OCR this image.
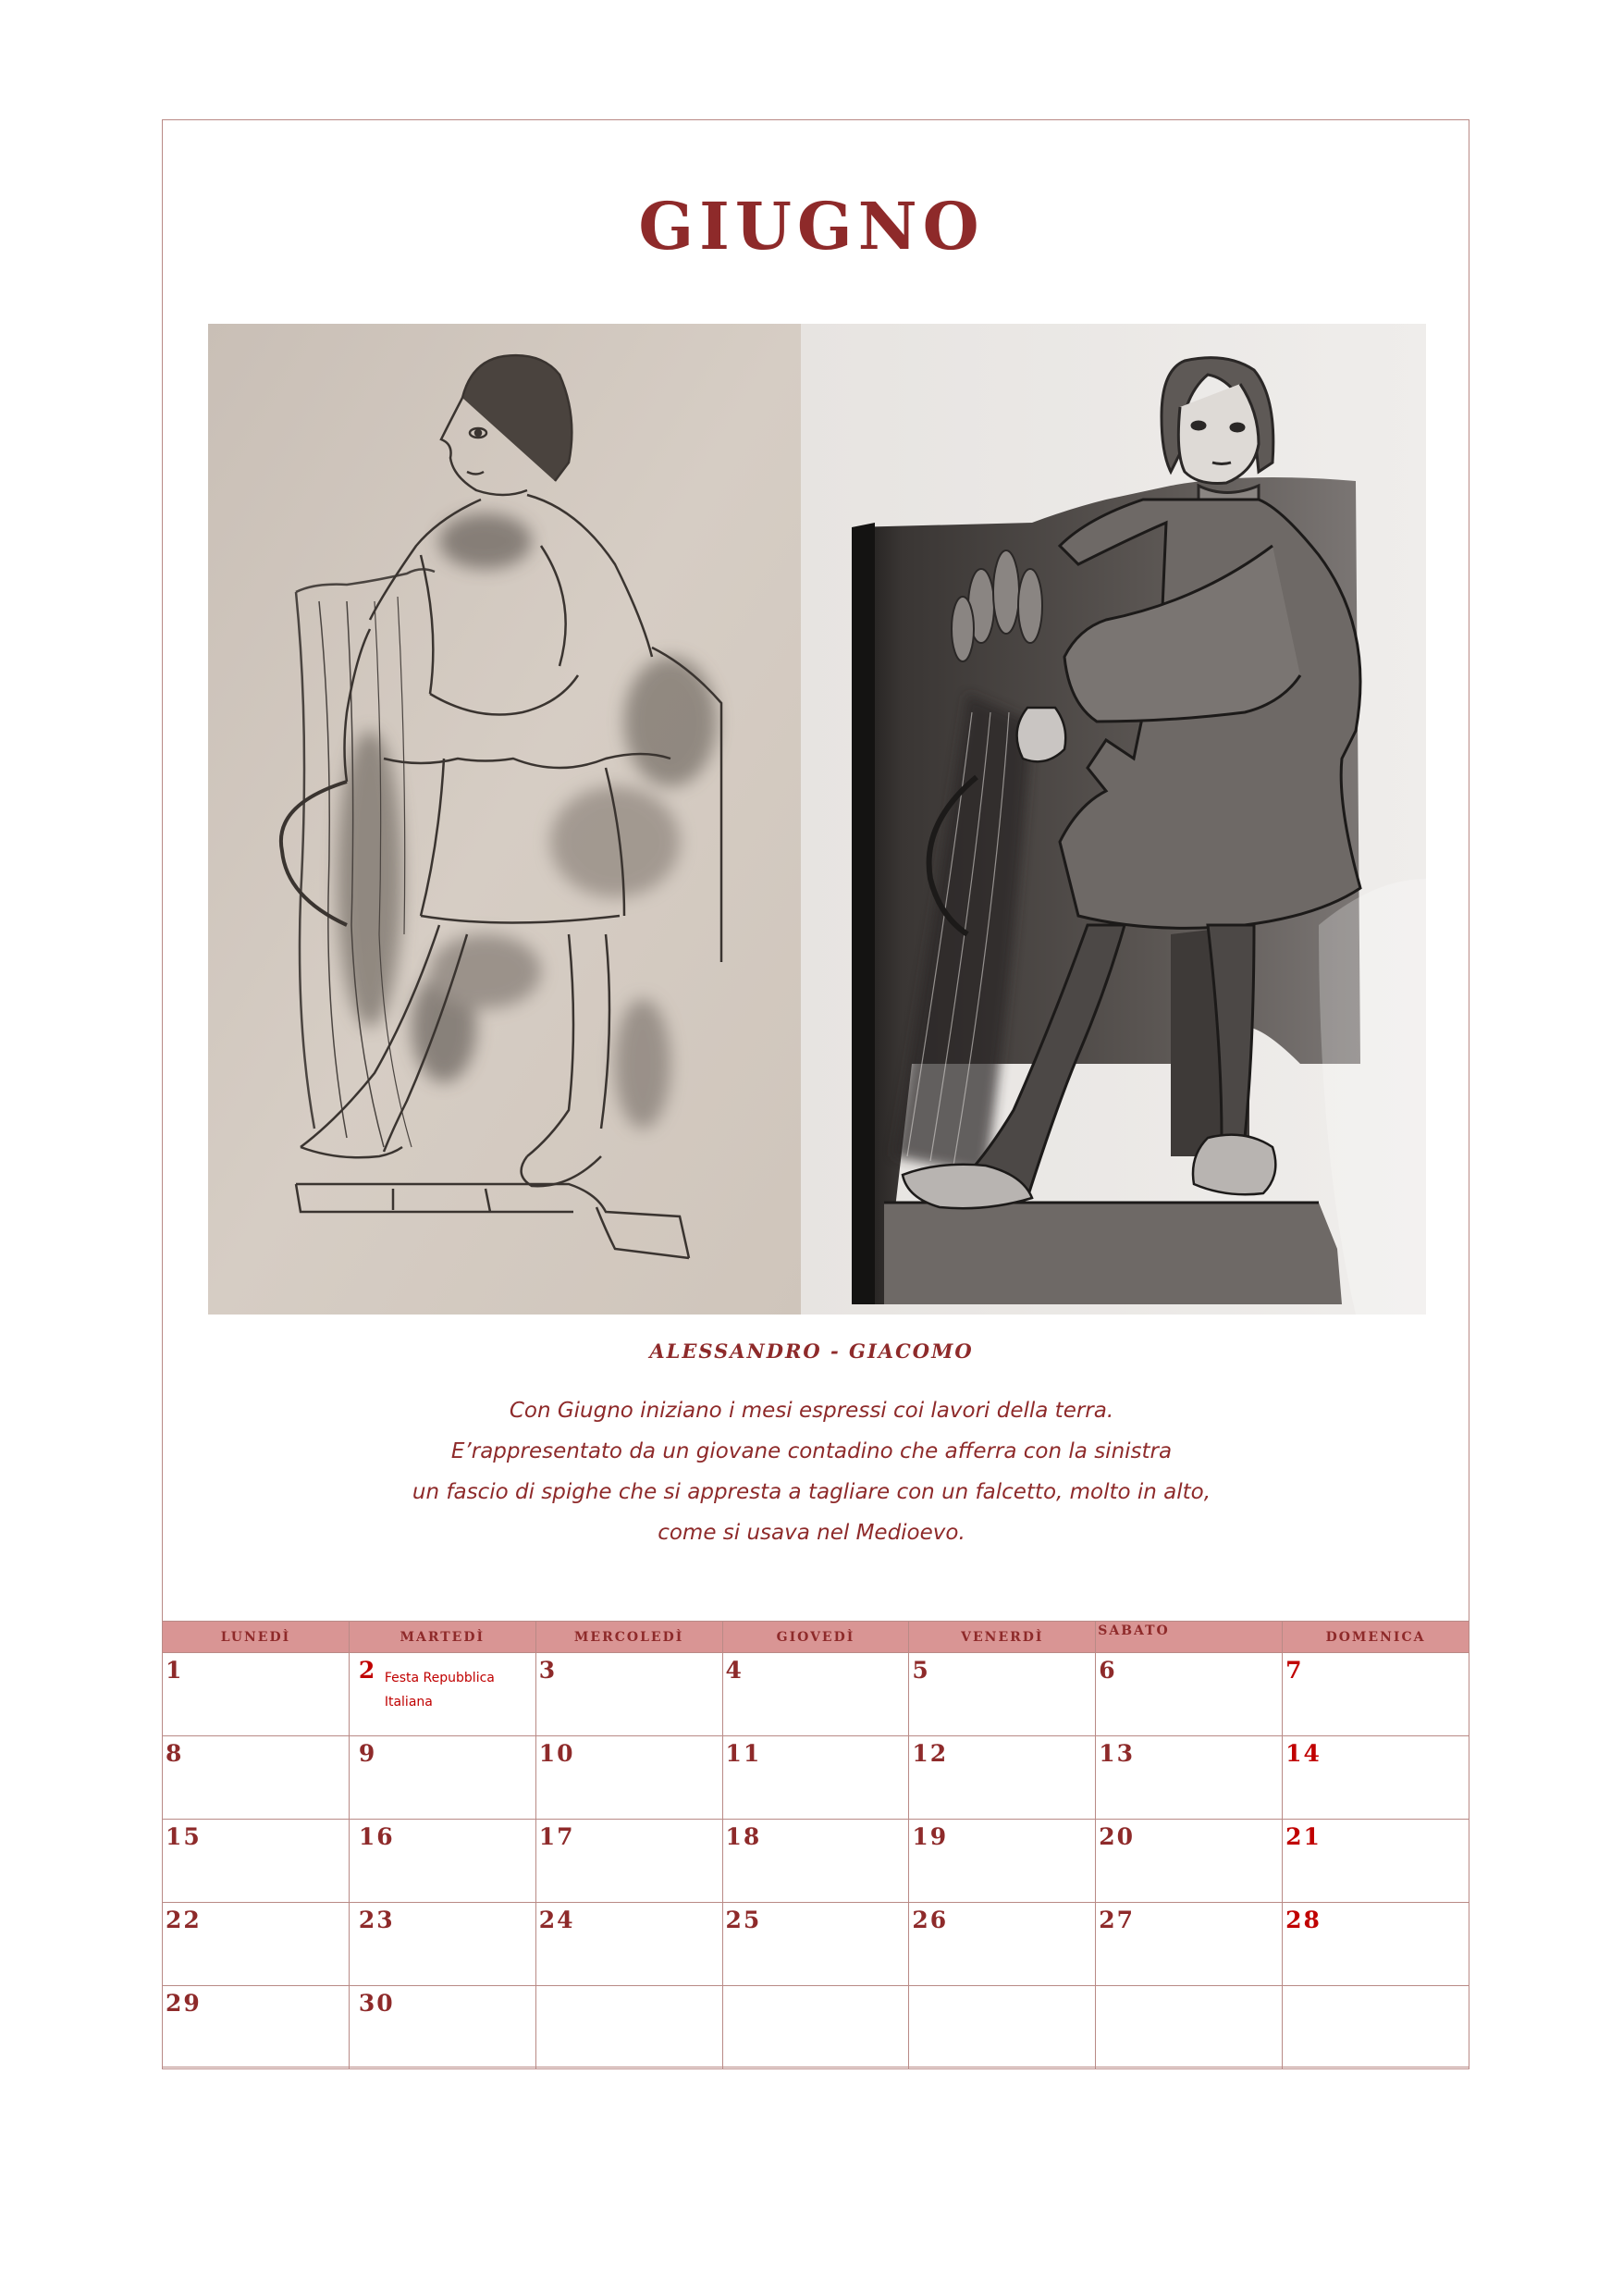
GIUGNO
ALESSANDRO - GIACOMO
Con Giugno iniziano i mesi espressi coi lavori della terra.
E’rappresentato da un giovane contadino che afferra con la sinistra
un fascio di spighe che si appresta a tagliare con un falcetto, molto in alto,
come si usava nel Medioevo.
LUNEDÌ	MARTEDÌ	MERCOLEDÌ	GIOVEDÌ	VENERDÌ	SABATO	DOMENICA
1	2 Festa Repubblica Italiana	3	4	5	6	7
8	9	10	11	12	13	14
15	16	17	18	19	20	21
22	23	24	25	26	27	28
29	30					
